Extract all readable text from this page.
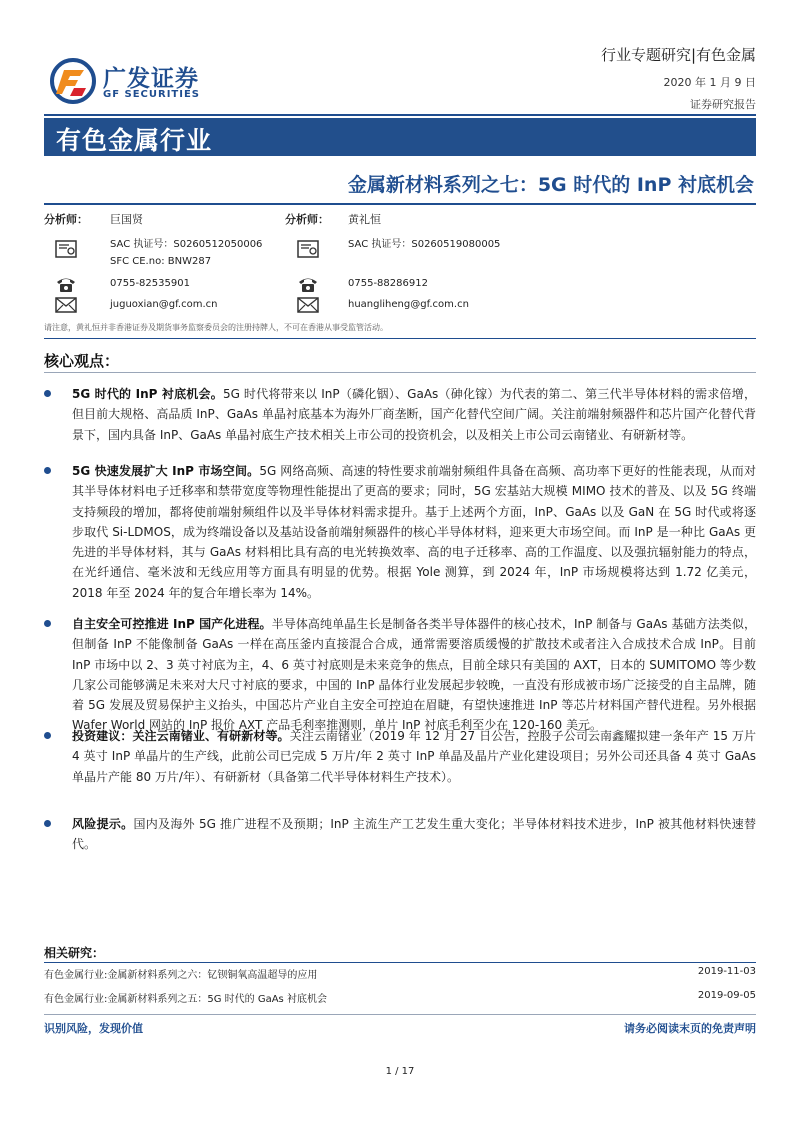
广发证券
GF SECURITIES
行业专题研究|有色金属
2020 年 1 月 9 日
证券研究报告
有色金属行业
金属新材料系列之七：5G 时代的 InP 衬底机会
分析师： 巨国贤
SAC 执证号：S0260512050006
SFC CE.no: BNW287
0755-82535901
juguoxian@gf.com.cn
分析师： 黄礼恒
SAC 执证号：S0260519080005
0755-88286912
huangliheng@gf.com.cn
请注意，黄礼恒并非香港证券及期货事务监察委员会的注册持牌人，不可在香港从事受监管活动。
核心观点：
5G 时代的 InP 衬底机会。5G 时代将带来以 InP（磷化铟）、GaAs（砷化镓）为代表的第二、第三代半导体材料的需求倍增，但目前大规格、高品质 InP、GaAs 单晶衬底基本为海外厂商垄断，国产化替代空间广阔。关注前端射频器件和芯片国产化替代背景下，国内具备 InP、GaAs 单晶衬底生产技术相关上市公司的投资机会，以及相关上市公司云南锗业、有研新材等。
5G 快速发展扩大 InP 市场空间。5G 网络高频、高速的特性要求前端射频组件具备在高频、高功率下更好的性能表现，从而对其半导体材料电子迁移率和禁带宽度等物理性能提出了更高的要求；同时，5G 宏基站大规模 MIMO 技术的普及、以及 5G 终端支持频段的增加，都将使前端射频组件以及半导体材料需求提升。基于上述两个方面，InP、GaAs 以及 GaN 在 5G 时代或将逐步取代 Si-LDMOS，成为终端设备以及基站设备前端射频器件的核心半导体材料，迎来更大市场空间。而 InP 是一种比 GaAs 更先进的半导体材料，其与 GaAs 材料相比具有高的电光转换效率、高的电子迁移率、高的工作温度、以及强抗辐射能力的特点，在光纤通信、毫米波和无线应用等方面具有明显的优势。根据 Yole 测算，到 2024 年，InP 市场规模将达到 1.72 亿美元，2018 年至 2024 年的复合年增长率为 14%。
自主安全可控推进 InP 国产化进程。半导体高纯单晶生长是制备各类半导体器件的核心技术，InP 制备与 GaAs 基础方法类似，但制备 InP 不能像制备 GaAs 一样在高压釜内直接混合合成，通常需要溶质缓慢的扩散技术或者注入合成技术合成 InP。目前 InP 市场中以 2、3 英寸衬底为主，4、6 英寸衬底则是未来竞争的焦点，目前全球只有美国的 AXT，日本的 SUMITOMO 等少数几家公司能够满足未来对大尺寸衬底的要求，中国的 InP 晶体行业发展起步较晚，一直没有形成被市场广泛接受的自主品牌，随着 5G 发展及贸易保护主义抬头，中国芯片产业自主安全可控迫在眉睫，有望快速推进 InP 等芯片材料国产替代进程。另外根据 Wafer World 网站的 InP 报价 AXT 产品毛利率推测则，单片 InP 衬底毛利至少在 120-160 美元。
投资建议：关注云南锗业、有研新材等。关注云南锗业（2019 年 12 月 27 日公告，控股子公司云南鑫耀拟建一条年产 15 万片 4 英寸 InP 单晶片的生产线，此前公司已完成 5 万片/年 2 英寸 InP 单晶及晶片产业化建设项目；另外公司还具备 4 英寸 GaAs 单晶片产能 80 万片/年）、有研新材（具备第二代半导体材料生产技术）。
风险提示。国内及海外 5G 推广进程不及预期；InP 主流生产工艺发生重大变化；半导体材料技术进步，InP 被其他材料快速替代。
相关研究：
有色金属行业:金属新材料系列之六：钇钡铜氧高温超导的应用	2019-11-03
有色金属行业:金属新材料系列之五：5G 时代的 GaAs 衬底机会	2019-09-05
识别风险，发现价值	请务必阅读末页的免责声明
1 / 17
